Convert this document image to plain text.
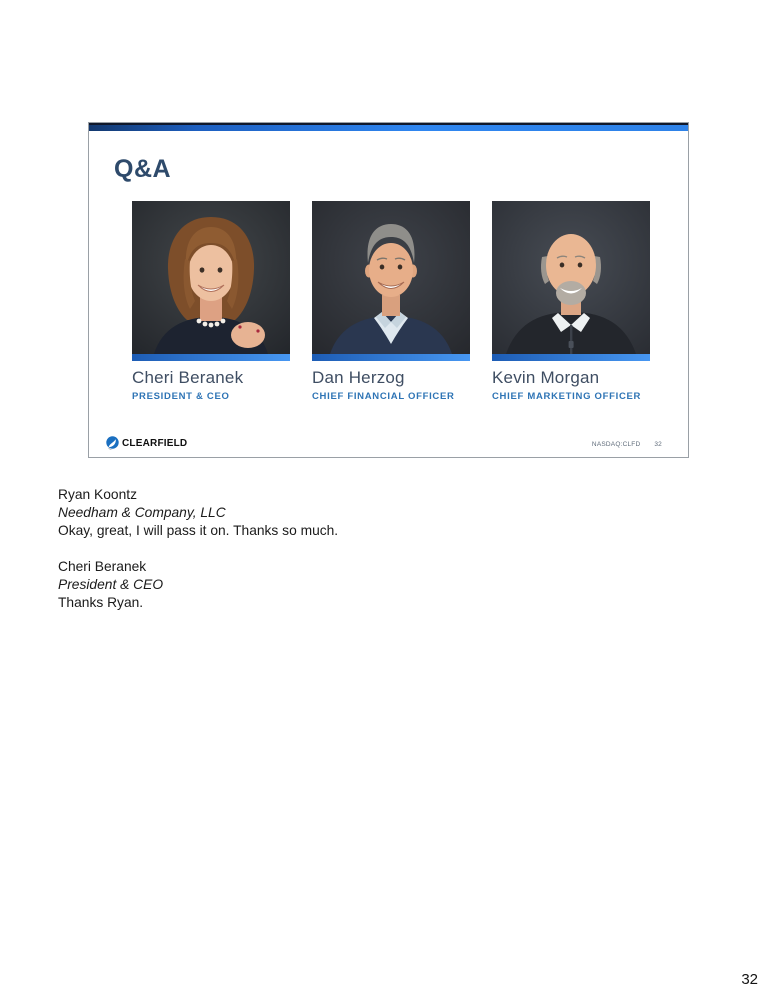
Q&A
Cheri Beranek
PRESIDENT & CEO
Dan Herzog
CHIEF FINANCIAL OFFICER
Kevin Morgan
CHIEF MARKETING OFFICER
CLEARFIELD	NASDAQ:CLFD 32
Ryan Koontz
Needham & Company, LLC
Okay, great, I will pass it on. Thanks so much.
Cheri Beranek
President & CEO
Thanks Ryan.
32
